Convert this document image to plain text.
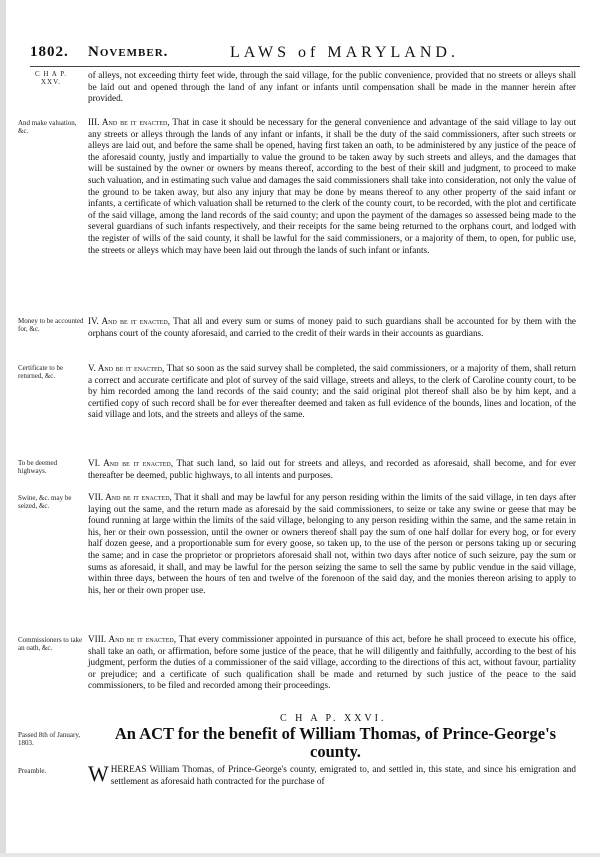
1802. November.	LAWS of MARYLAND.
C H A P.
XXV.
of alleys, not exceeding thirty feet wide, through the said village, for the public convenience, provided that no streets or alleys shall be laid out and opened through the land of any infant or infants until compensation shall be made in the manner herein after provided.
And make valuation, &c.
III. And be it enacted, That in case it should be necessary for the general convenience and advantage of the said village to lay out any streets or alleys through the lands of any infant or infants, it shall be the duty of the said commissioners, after such streets or alleys are laid out, and before the same shall be opened, having first taken an oath, to be administered by any justice of the peace of the aforesaid county, justly and impartially to value the ground to be taken away by such streets and alleys, and the damages that will be sustained by the owner or owners by means thereof, according to the best of their skill and judgment, to proceed to make such valuation, and in estimating such value and damages the said commissioners shall take into consideration, not only the value of the ground to be taken away, but also any injury that may be done by means thereof to any other property of the said infant or infants, a certificate of which valuation shall be returned to the clerk of the county court, to be recorded, with the plot and certificate of the said village, among the land records of the said county; and upon the payment of the damages so assessed being made to the several guardians of such infants respectively, and their receipts for the same being returned to the orphans court, and lodged with the register of wills of the said county, it shall be lawful for the said commissioners, or a majority of them, to open, for public use, the streets or alleys which may have been laid out through the lands of such infant or infants.
Money to be accounted for, &c.
IV. And be it enacted, That all and every sum or sums of money paid to such guardians shall be accounted for by them with the orphans court of the county aforesaid, and carried to the credit of their wards in their accounts as guardians.
Certificate to be returned, &c.
V. And be it enacted, That so soon as the said survey shall be completed, the said commissioners, or a majority of them, shall return a correct and accurate certificate and plot of survey of the said village, streets and alleys, to the clerk of Caroline county court, to be by him recorded among the land records of the said county; and the said original plot thereof shall also be by him kept, and a certified copy of such record shall be for ever thereafter deemed and taken as full evidence of the bounds, lines and location, of the said village and lots, and the streets and alleys of the same.
To be deemed highways.
VI. And be it enacted, That such land, so laid out for streets and alleys, and recorded as aforesaid, shall become, and for ever thereafter be deemed, public highways, to all intents and purposes.
Swine, &c. may be seized, &c.
VII. And be it enacted, That it shall and may be lawful for any person residing within the limits of the said village, in ten days after laying out the same, and the return made as aforesaid by the said commissioners, to seize or take any swine or geese that may be found running at large within the limits of the said village, belonging to any person residing within the same, and the same retain in his, her or their own possession, until the owner or owners thereof shall pay the sum of one half dollar for every hog, or for every half dozen geese, and a proportionable sum for every goose, so taken up, to the use of the person or persons taking up or securing the same; and in case the proprietor or proprietors aforesaid shall not, within two days after notice of such seizure, pay the sum or sums as aforesaid, it shall, and may be lawful for the person seizing the same to sell the same by public vendue in the said village, within three days, between the hours of ten and twelve of the forenoon of the said day, and the monies thereon arising to apply to his, her or their own proper use.
Commissioners to take an oath, &c.
VIII. And be it enacted, That every commissioner appointed in pursuance of this act, before he shall proceed to execute his office, shall take an oath, or affirmation, before some justice of the peace, that he will diligently and faithfully, according to the best of his judgment, perform the duties of a commissioner of the said village, according to the directions of this act, without favour, partiality or prejudice; and a certificate of such qualification shall be made and returned by such justice of the peace to the said commissioners, to be filed and recorded among their proceedings.
C H A P. XXVI.
Passed 8th of January, 1803.	An ACT for the benefit of William Thomas, of Prince-George's county.
Preamble.	WHEREAS William Thomas, of Prince-George's county, emigrated to, and settled in, this state, and since his emigration and settlement as aforesaid hath contracted for the purchase of
